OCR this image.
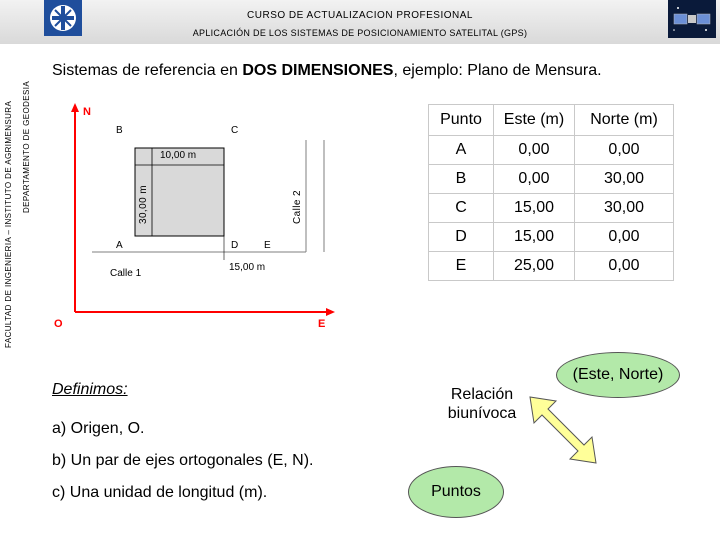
CURSO DE ACTUALIZACION PROFESIONAL
APLICACIÓN DE LOS SISTEMAS DE POSICIONAMIENTO SATELITAL (GPS)
FACULTAD DE INGENIERIA – INSTITUTO DE AGRIMENSURA DEPARTAMENTO DE GEODESIA
Sistemas de referencia en DOS DIMENSIONES, ejemplo: Plano de Mensura.
N
E
O
A
B	C
D	E
10,00 m
30,00 m
15,00 m
Calle 1
Calle 2
Punto	Este (m)	Norte (m)
A	0,00	0,00
B	0,00	30,00
C	15,00	30,00
D	15,00	0,00
E	25,00	0,00
Definimos:
a) Origen, O.
b) Un par de ejes ortogonales (E, N).
c) Una unidad de longitud (m).
Relación
biunívoca
(Este, Norte)
Puntos
